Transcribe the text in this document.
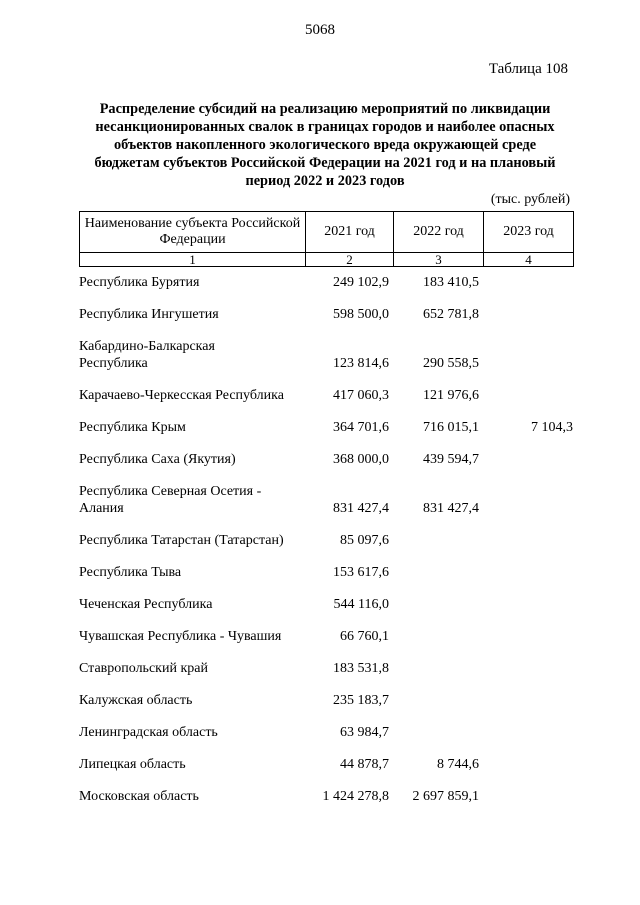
5068
Таблица 108
Распределение субсидий на реализацию мероприятий по ликвидации
несанкционированных свалок в границах городов и наиболее опасных
объектов накопленного экологического вреда окружающей среде
бюджетам субъектов Российской Федерации на 2021 год и на плановый
период 2022 и 2023 годов
(тыс. рублей)
Наименование субъекта Российской Федерации	2021 год	2022 год	2023 год
1	2	3	4
Республика Бурятия	249 102,9	183 410,5
Республика Ингушетия	598 500,0	652 781,8
Кабардино-Балкарская
Республика	123 814,6	290 558,5
Карачаево-Черкесская Республика	417 060,3	121 976,6
Республика Крым	364 701,6	716 015,1	7 104,3
Республика Саха (Якутия)	368 000,0	439 594,7
Республика Северная Осетия -
Алания	831 427,4	831 427,4
Республика Татарстан (Татарстан)	85 097,6
Республика Тыва	153 617,6
Чеченская Республика	544 116,0
Чувашская Республика - Чувашия	66 760,1
Ставропольский край	183 531,8
Калужская область	235 183,7
Ленинградская область	63 984,7
Липецкая область	44 878,7	8 744,6
Московская область	1 424 278,8	2 697 859,1
